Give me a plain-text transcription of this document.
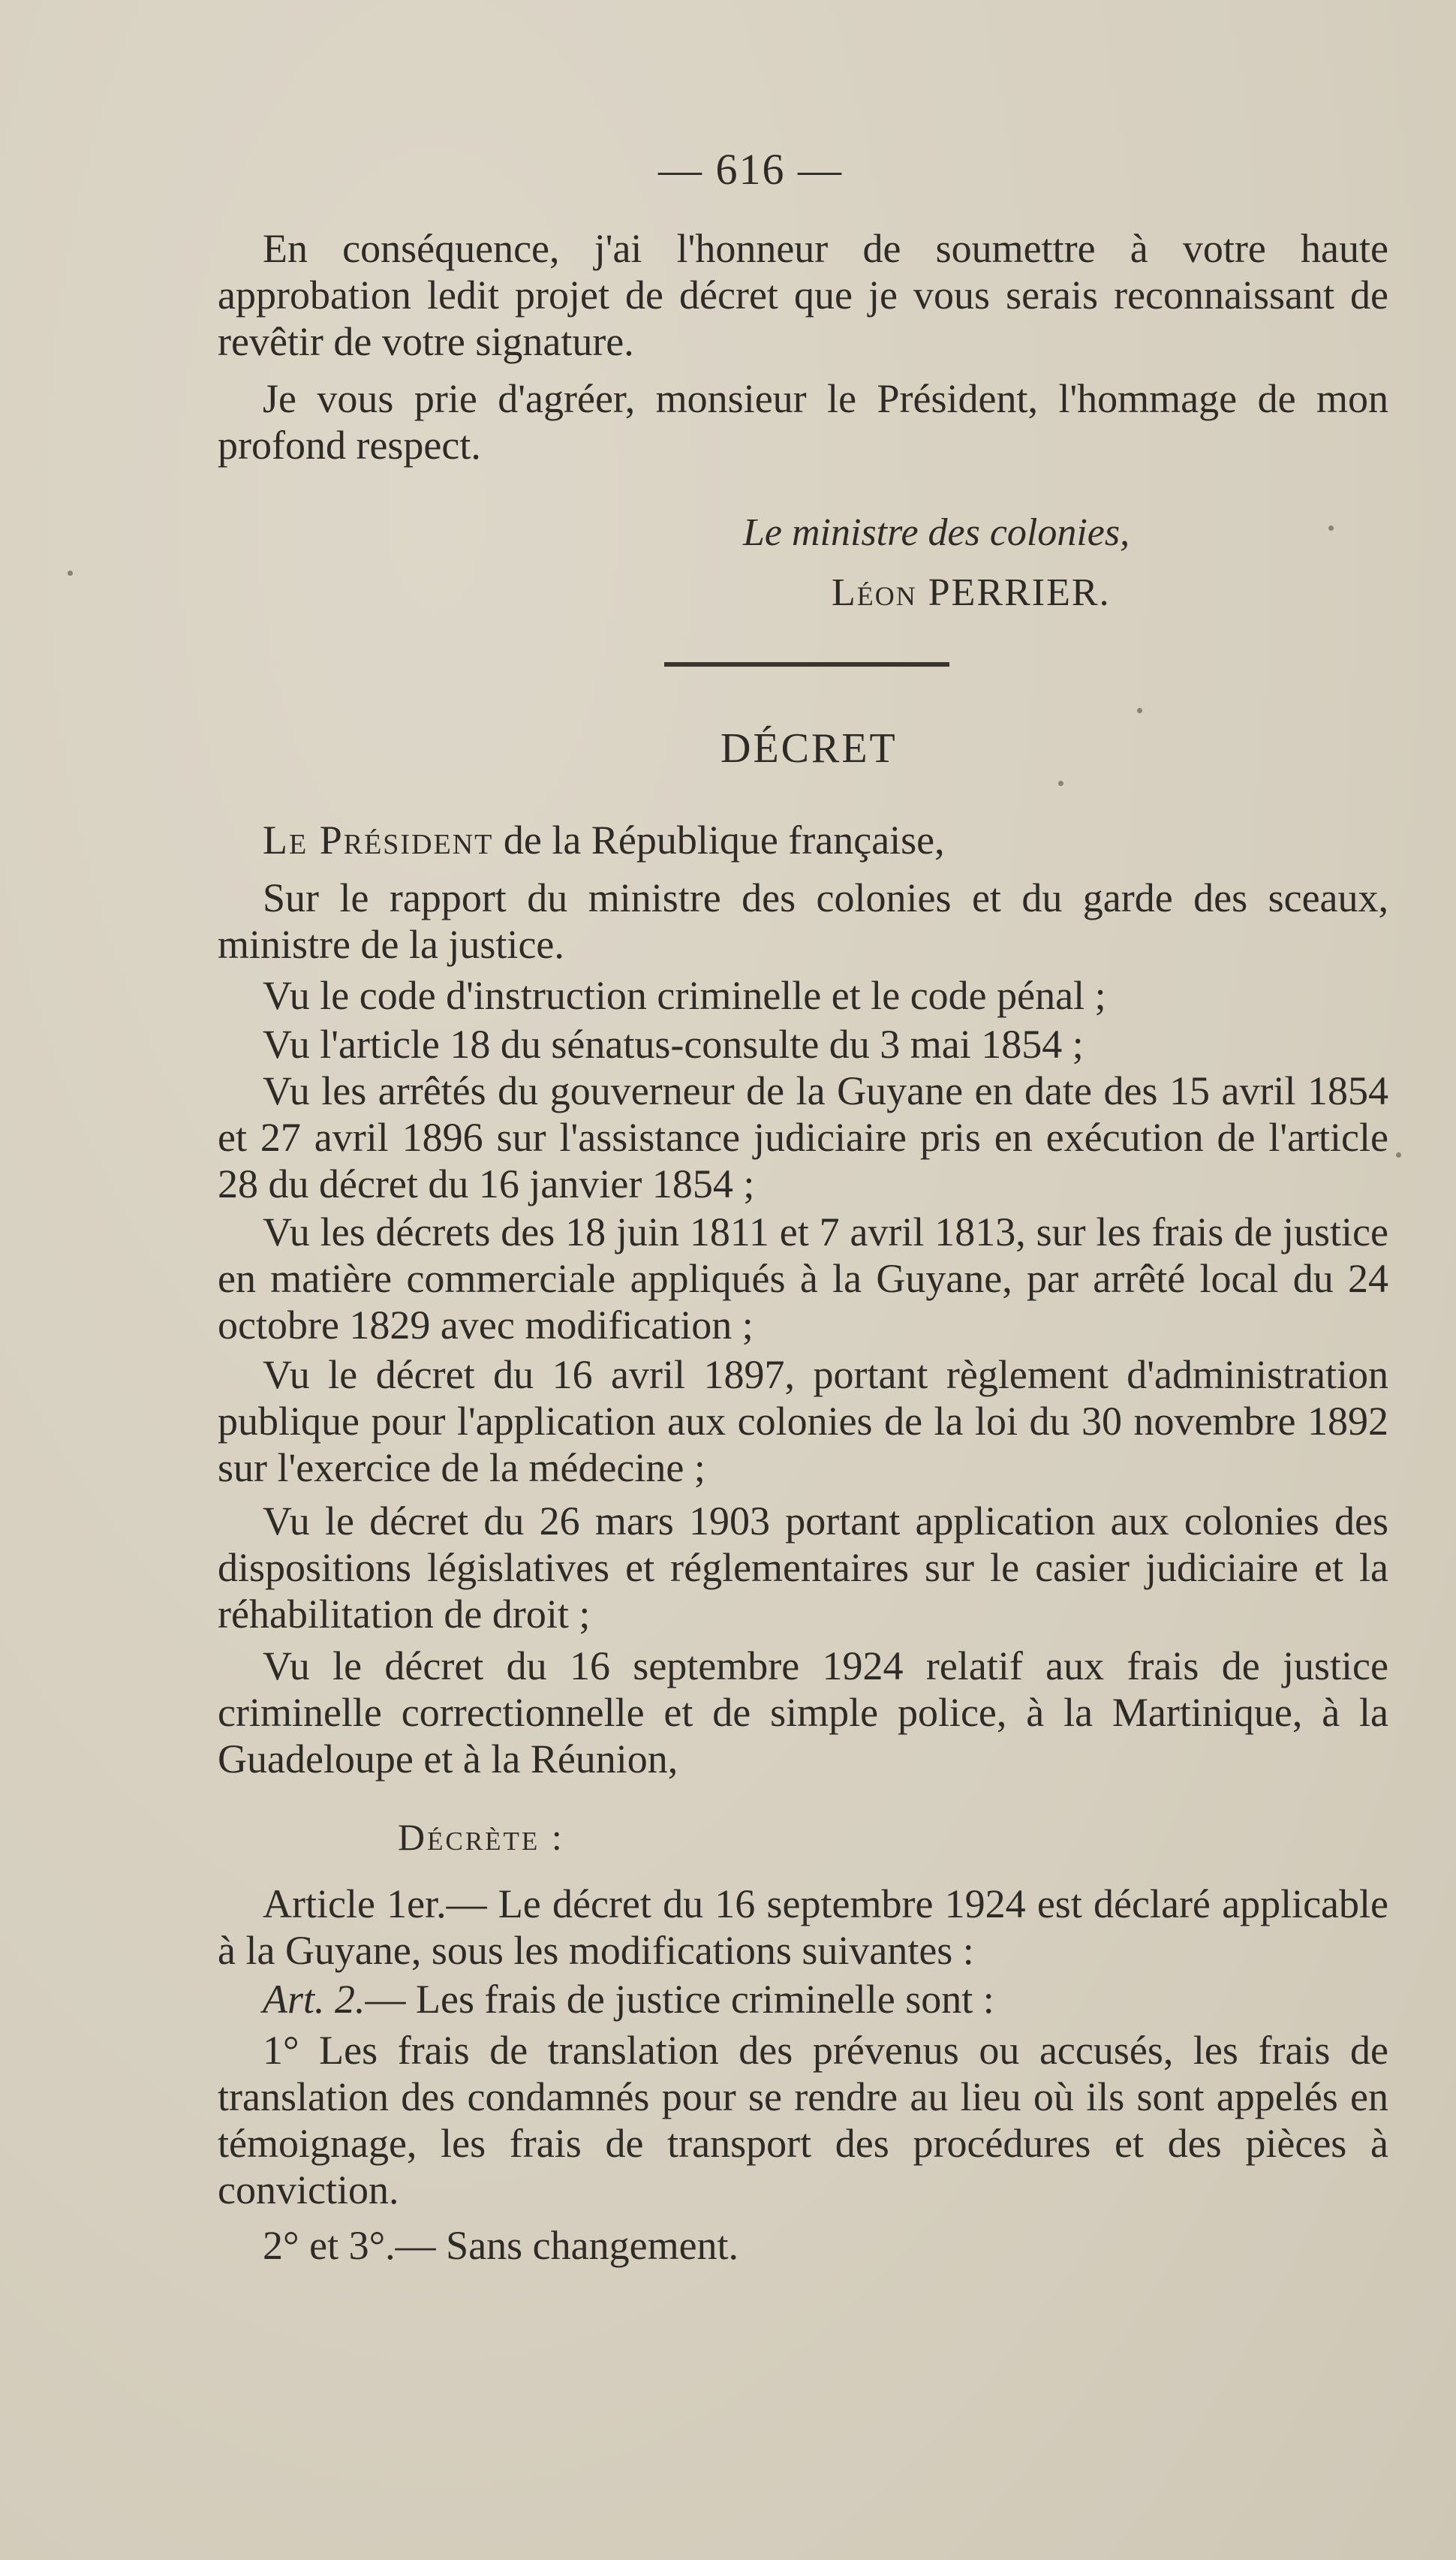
— 616 —

En conséquence, j'ai l'honneur de soumettre à votre haute approbation ledit projet de décret que je vous serais reconnaissant de revêtir de votre signature.

Je vous prie d'agréer, monsieur le Président, l'hommage de mon profond respect.

Le ministre des colonies,
Léon PERRIER.
DÉCRET

Le Président de la République française,

Sur le rapport du ministre des colonies et du garde des sceaux, ministre de la justice.

Vu le code d'instruction criminelle et le code pénal ;

Vu l'article 18 du sénatus-consulte du 3 mai 1854 ;

Vu les arrêtés du gouverneur de la Guyane en date des 15 avril 1854 et 27 avril 1896 sur l'assistance judiciaire pris en exécution de l'article 28 du décret du 16 janvier 1854 ;

Vu les décrets des 18 juin 1811 et 7 avril 1813, sur les frais de justice en matière commerciale appliqués à la Guyane, par arrêté local du 24 octobre 1829 avec modification ;

Vu le décret du 16 avril 1897, portant règlement d'administration publique pour l'application aux colonies de la loi du 30 novembre 1892 sur l'exercice de la médecine ;

Vu le décret du 26 mars 1903 portant application aux colonies des dispositions législatives et réglementaires sur le casier judiciaire et la réhabilitation de droit ;

Vu le décret du 16 septembre 1924 relatif aux frais de justice criminelle correctionnelle et de simple police, à la Martinique, à la Guadeloupe et à la Réunion,

Décrète :

Article 1er.— Le décret du 16 septembre 1924 est déclaré applicable à la Guyane, sous les modifications suivantes :

Art. 2.— Les frais de justice criminelle sont :

1° Les frais de translation des prévenus ou accusés, les frais de translation des condamnés pour se rendre au lieu où ils sont appelés en témoignage, les frais de transport des procédures et des pièces à conviction.

2° et 3°.— Sans changement.
